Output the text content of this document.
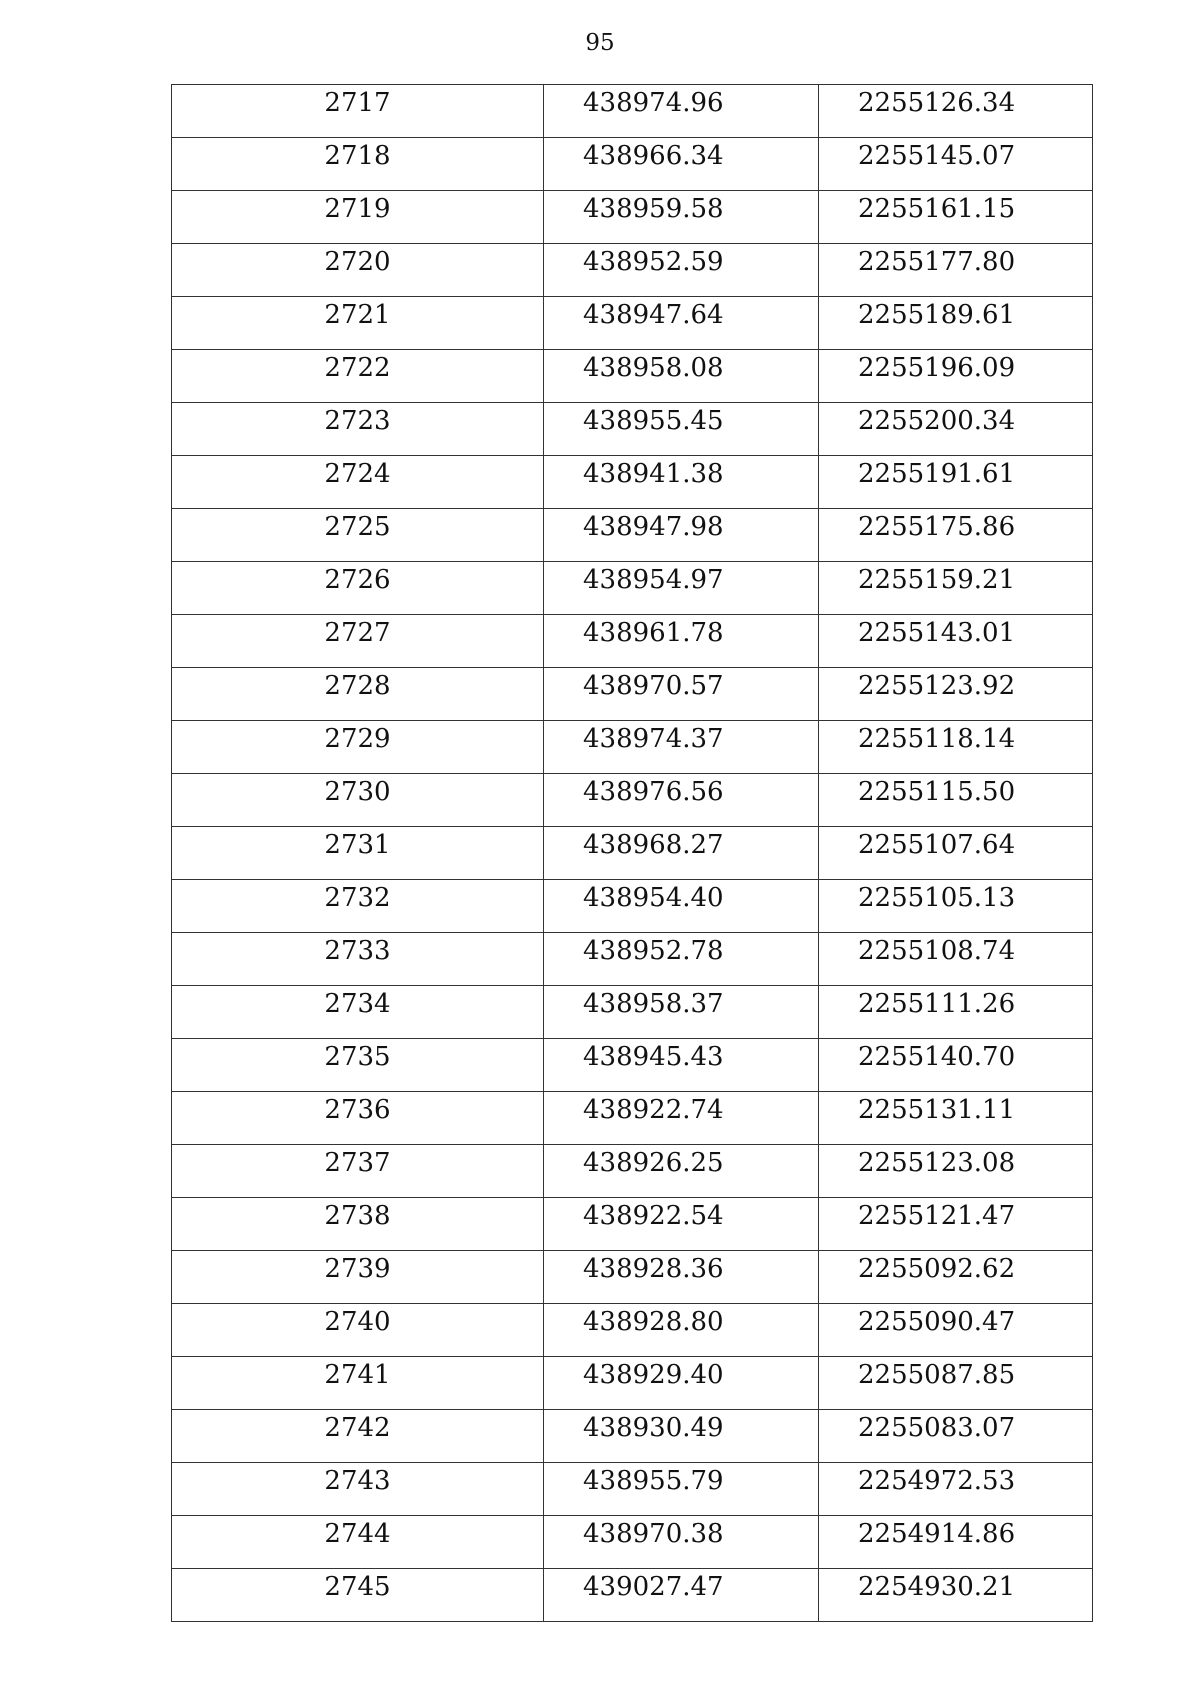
95
2717	438974.96	2255126.34

2718	438966.34	2255145.07

2719	438959.58	2255161.15

2720	438952.59	2255177.80

2721	438947.64	2255189.61

2722	438958.08	2255196.09

2723	438955.45	2255200.34

2724	438941.38	2255191.61

2725	438947.98	2255175.86

2726	438954.97	2255159.21

2727	438961.78	2255143.01

2728	438970.57	2255123.92

2729	438974.37	2255118.14

2730	438976.56	2255115.50

2731	438968.27	2255107.64

2732	438954.40	2255105.13

2733	438952.78	2255108.74

2734	438958.37	2255111.26

2735	438945.43	2255140.70

2736	438922.74	2255131.11

2737	438926.25	2255123.08

2738	438922.54	2255121.47

2739	438928.36	2255092.62

2740	438928.80	2255090.47

2741	438929.40	2255087.85

2742	438930.49	2255083.07

2743	438955.79	2254972.53

2744	438970.38	2254914.86

2745	439027.47	2254930.21
